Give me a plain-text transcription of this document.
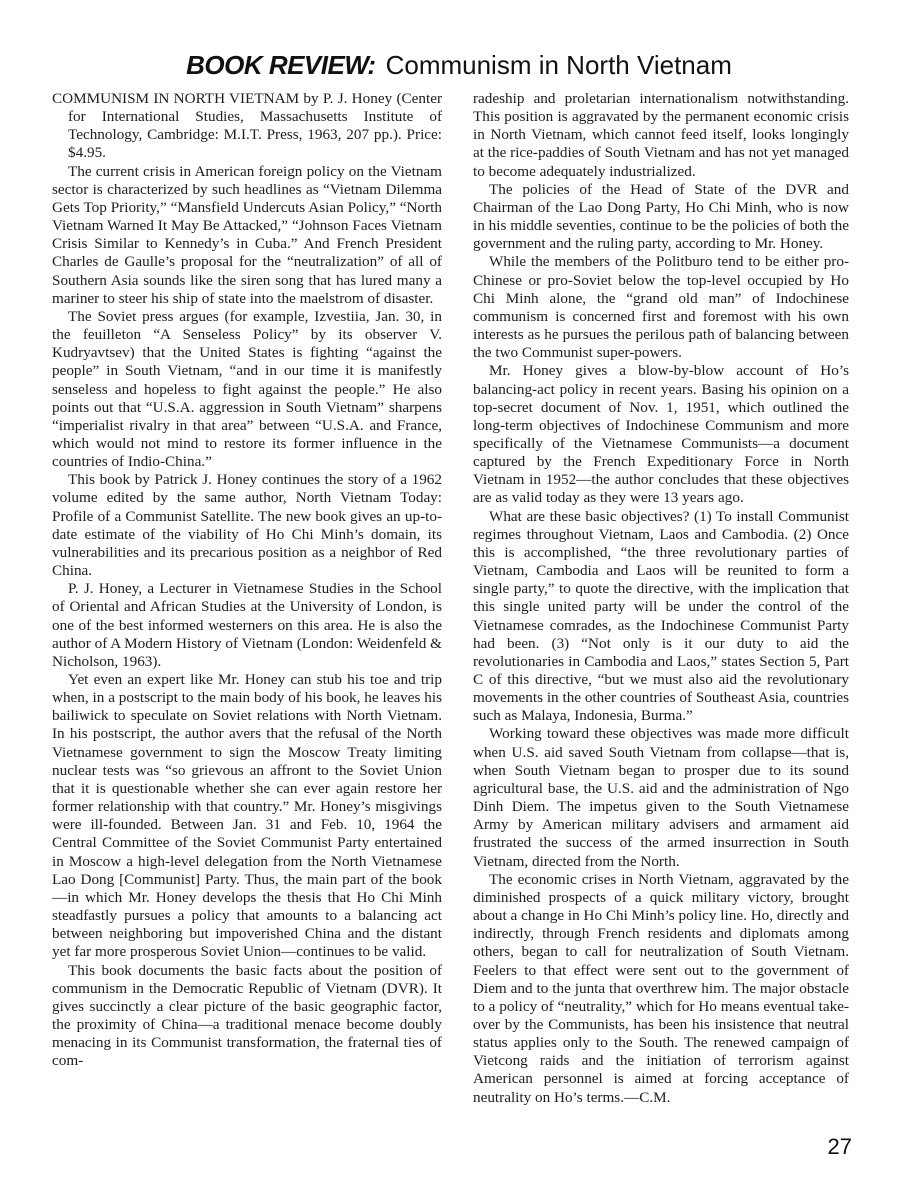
BOOK REVIEW: Communism in North Vietnam

COMMUNISM IN NORTH VIETNAM by P. J. Honey (Center for International Studies, Massachusetts Institute of Technology, Cambridge: M.I.T. Press, 1963, 207 pp.). Price: $4.95.

The current crisis in American foreign policy on the Vietnam sector is characterized by such headlines as “Vietnam Dilemma Gets Top Priority,” “Mansfield Undercuts Asian Policy,” “North Vietnam Warned It May Be Attacked,” “Johnson Faces Vietnam Crisis Similar to Kennedy’s in Cuba.” And French President Charles de Gaulle’s proposal for the “neutralization” of all of Southern Asia sounds like the siren song that has lured many a mariner to steer his ship of state into the maelstrom of disaster.

The Soviet press argues (for example, Izvestiia, Jan. 30, in the feuilleton “A Senseless Policy” by its observer V. Kudryavtsev) that the United States is fighting “against the people” in South Vietnam, “and in our time it is manifestly senseless and hopeless to fight against the people.” He also points out that “U.S.A. aggression in South Vietnam” sharpens “imperialist rivalry in that area” between “U.S.A. and France, which would not mind to restore its former influence in the countries of Indio-China.”

This book by Patrick J. Honey continues the story of a 1962 volume edited by the same author, North Vietnam Today: Profile of a Communist Satellite. The new book gives an up-to-date estimate of the viability of Ho Chi Minh’s domain, its vulnerabilities and its precarious position as a neighbor of Red China.

P. J. Honey, a Lecturer in Vietnamese Studies in the School of Oriental and African Studies at the University of London, is one of the best informed westerners on this area. He is also the author of A Modern History of Vietnam (London: Weidenfeld & Nicholson, 1963).

Yet even an expert like Mr. Honey can stub his toe and trip when, in a postscript to the main body of his book, he leaves his bailiwick to speculate on Soviet relations with North Vietnam. In his postscript, the author avers that the refusal of the North Vietnamese government to sign the Moscow Treaty limiting nuclear tests was “so grievous an affront to the Soviet Union that it is questionable whether she can ever again restore her former relationship with that country.” Mr. Honey’s misgivings were ill-founded. Between Jan. 31 and Feb. 10, 1964 the Central Committee of the Soviet Communist Party entertained in Moscow a high-level delegation from the North Vietnamese Lao Dong [Communist] Party. Thus, the main part of the book—in which Mr. Honey develops the thesis that Ho Chi Minh steadfastly pursues a policy that amounts to a balancing act between neighboring but impoverished China and the distant yet far more prosperous Soviet Union—continues to be valid.

This book documents the basic facts about the position of communism in the Democratic Republic of Vietnam (DVR). It gives succinctly a clear picture of the basic geographic factor, the proximity of China—a traditional menace become doubly menacing in its Communist transformation, the fraternal ties of com-

radeship and proletarian internationalism notwithstanding. This position is aggravated by the permanent economic crisis in North Vietnam, which cannot feed itself, looks longingly at the rice-paddies of South Vietnam and has not yet managed to become adequately industrialized.

The policies of the Head of State of the DVR and Chairman of the Lao Dong Party, Ho Chi Minh, who is now in his middle seventies, continue to be the policies of both the government and the ruling party, according to Mr. Honey.

While the members of the Politburo tend to be either pro-Chinese or pro-Soviet below the top-level occupied by Ho Chi Minh alone, the “grand old man” of Indochinese communism is concerned first and foremost with his own interests as he pursues the perilous path of balancing between the two Communist super-powers.

Mr. Honey gives a blow-by-blow account of Ho’s balancing-act policy in recent years. Basing his opinion on a top-secret document of Nov. 1, 1951, which outlined the long-term objectives of Indochinese Communism and more specifically of the Vietnamese Communists—a document captured by the French Expeditionary Force in North Vietnam in 1952—the author concludes that these objectives are as valid today as they were 13 years ago.

What are these basic objectives? (1) To install Communist regimes throughout Vietnam, Laos and Cambodia. (2) Once this is accomplished, “the three revolutionary parties of Vietnam, Cambodia and Laos will be reunited to form a single party,” to quote the directive, with the implication that this single united party will be under the control of the Vietnamese comrades, as the Indochinese Communist Party had been. (3) “Not only is it our duty to aid the revolutionaries in Cambodia and Laos,” states Section 5, Part C of this directive, “but we must also aid the revolutionary movements in the other countries of Southeast Asia, countries such as Malaya, Indonesia, Burma.”

Working toward these objectives was made more difficult when U.S. aid saved South Vietnam from collapse—that is, when South Vietnam began to prosper due to its sound agricultural base, the U.S. aid and the administration of Ngo Dinh Diem. The impetus given to the South Vietnamese Army by American military advisers and armament aid frustrated the success of the armed insurrection in South Vietnam, directed from the North.

The economic crises in North Vietnam, aggravated by the diminished prospects of a quick military victory, brought about a change in Ho Chi Minh’s policy line. Ho, directly and indirectly, through French residents and diplomats among others, began to call for neutralization of South Vietnam. Feelers to that effect were sent out to the government of Diem and to the junta that overthrew him. The major obstacle to a policy of “neutrality,” which for Ho means eventual take-over by the Communists, has been his insistence that neutral status applies only to the South. The renewed campaign of Vietcong raids and the initiation of terrorism against American personnel is aimed at forcing acceptance of neutrality on Ho’s terms.—C.M.

27
